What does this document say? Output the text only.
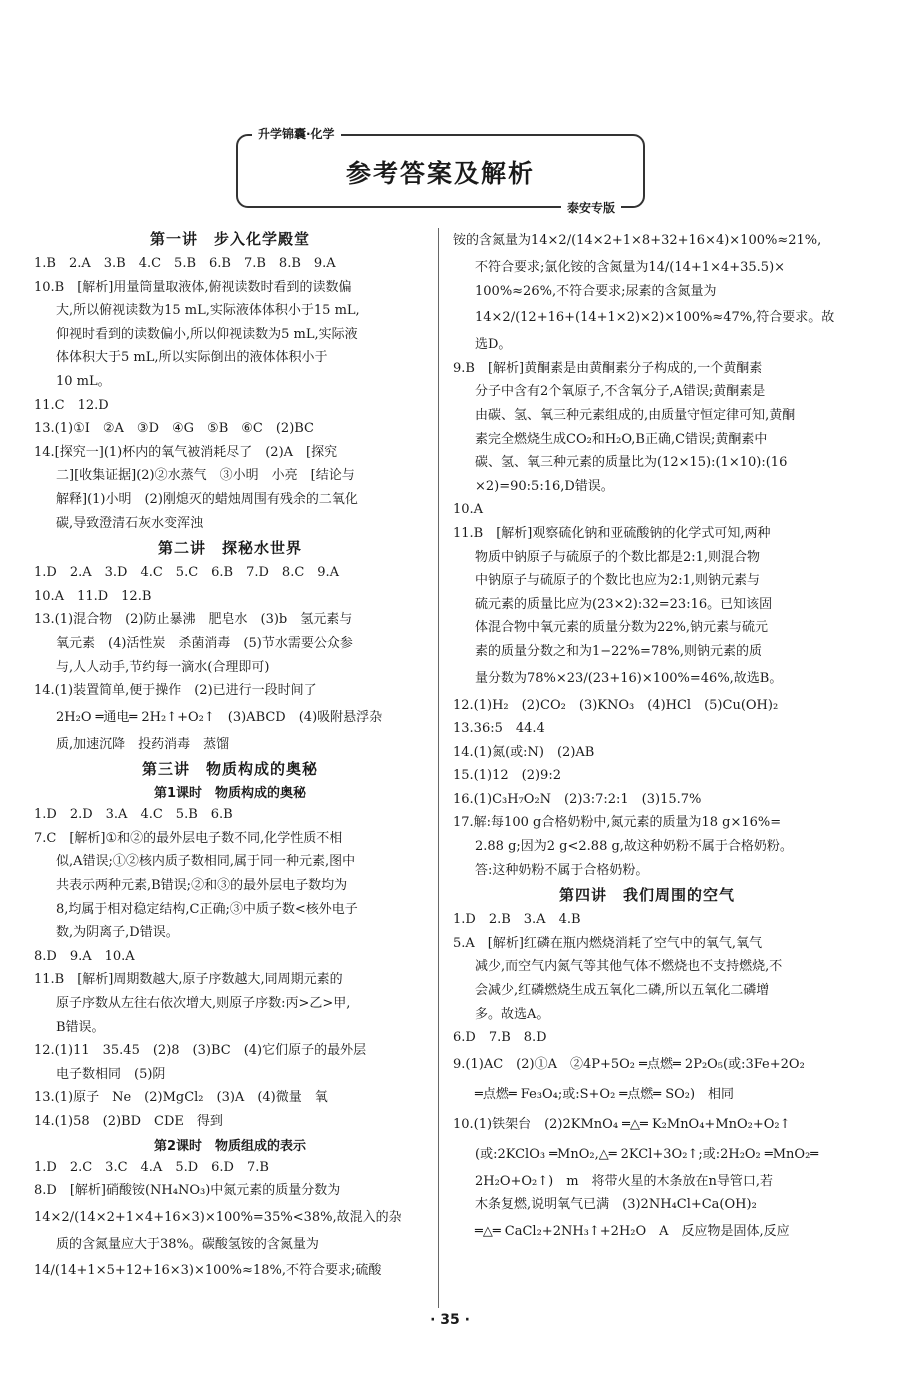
升学锦囊·化学
参考答案及解析
泰安专版
第一讲　步入化学殿堂
1.B　2.A　3.B　4.C　5.B　6.B　7.B　8.B　9.A
10.B　[解析]用量筒量取液体,俯视读数时看到的读数偏
大,所以俯视读数为15 mL,实际液体体积小于15 mL,
仰视时看到的读数偏小,所以仰视读数为5 mL,实际液
体体积大于5 mL,所以实际倒出的液体体积小于
10 mL。
11.C　12.D
13.(1)①I　②A　③D　④G　⑤B　⑥C　(2)BC
14.[探究一](1)杯内的氧气被消耗尽了　(2)A　[探究
二][收集证据](2)②水蒸气　③小明　小亮　[结论与
解释](1)小明　(2)刚熄灭的蜡烛周围有残余的二氧化
碳,导致澄清石灰水变浑浊
第二讲　探秘水世界
1.D　2.A　3.D　4.C　5.C　6.B　7.D　8.C　9.A
10.A　11.D　12.B
13.(1)混合物　(2)防止暴沸　肥皂水　(3)b　氢元素与
氧元素　(4)活性炭　杀菌消毒　(5)节水需要公众参
与,人人动手,节约每一滴水(合理即可)
14.(1)装置简单,便于操作　(2)已进行一段时间了
2H₂O ═通电═ 2H₂↑+O₂↑　(3)ABCD　(4)吸附悬浮杂
质,加速沉降　投药消毒　蒸馏
第三讲　物质构成的奥秘
第1课时　物质构成的奥秘
1.D　2.D　3.A　4.C　5.B　6.B
7.C　[解析]①和②的最外层电子数不同,化学性质不相
似,A错误;①②核内质子数相同,属于同一种元素,图中
共表示两种元素,B错误;②和③的最外层电子数均为
8,均属于相对稳定结构,C正确;③中质子数<核外电子
数,为阴离子,D错误。
8.D　9.A　10.A
11.B　[解析]周期数越大,原子序数越大,同周期元素的
原子序数从左往右依次增大,则原子序数:丙>乙>甲,
B错误。
12.(1)11　35.45　(2)8　(3)BC　(4)它们原子的最外层
电子数相同　(5)阴
13.(1)原子　Ne　(2)MgCl₂　(3)A　(4)微量　氧
14.(1)58　(2)BD　CDE　得到
第2课时　物质组成的表示
1.D　2.C　3.C　4.A　5.D　6.D　7.B
8.D　[解析]硝酸铵(NH₄NO₃)中氮元素的质量分数为
14×2/(14×2+1×4+16×3)×100%=35%<38%,故混入的杂
质的含氮量应大于38%。碳酸氢铵的含氮量为
14/(14+1×5+12+16×3)×100%≈18%,不符合要求;硫酸
铵的含氮量为14×2/(14×2+1×8+32+16×4)×100%≈21%,
不符合要求;氯化铵的含氮量为14/(14+1×4+35.5)×
100%≈26%,不符合要求;尿素的含氮量为
14×2/(12+16+(14+1×2)×2)×100%≈47%,符合要求。故
选D。
9.B　[解析]黄酮素是由黄酮素分子构成的,一个黄酮素
分子中含有2个氧原子,不含氧分子,A错误;黄酮素是
由碳、氢、氧三种元素组成的,由质量守恒定律可知,黄酮
素完全燃烧生成CO₂和H₂O,B正确,C错误;黄酮素中
碳、氢、氧三种元素的质量比为(12×15):(1×10):(16
×2)=90:5:16,D错误。
10.A
11.B　[解析]观察硫化钠和亚硫酸钠的化学式可知,两种
物质中钠原子与硫原子的个数比都是2:1,则混合物
中钠原子与硫原子的个数比也应为2:1,则钠元素与
硫元素的质量比应为(23×2):32=23:16。已知该固
体混合物中氧元素的质量分数为22%,钠元素与硫元
素的质量分数之和为1−22%=78%,则钠元素的质
量分数为78%×23/(23+16)×100%=46%,故选B。
12.(1)H₂　(2)CO₂　(3)KNO₃　(4)HCl　(5)Cu(OH)₂
13.36:5　44.4
14.(1)氮(或:N)　(2)AB
15.(1)12　(2)9:2
16.(1)C₃H₇O₂N　(2)3:7:2:1　(3)15.7%
17.解:每100 g合格奶粉中,氮元素的质量为18 g×16%=
2.88 g;因为2 g<2.88 g,故这种奶粉不属于合格奶粉。
答:这种奶粉不属于合格奶粉。
第四讲　我们周围的空气
1.D　2.B　3.A　4.B
5.A　[解析]红磷在瓶内燃烧消耗了空气中的氧气,氧气
减少,而空气内氮气等其他气体不燃烧也不支持燃烧,不
会减少,红磷燃烧生成五氧化二磷,所以五氧化二磷增
多。故选A。
6.D　7.B　8.D
9.(1)AC　(2)①A　②4P+5O₂ ═点燃═ 2P₂O₅(或:3Fe+2O₂
═点燃═ Fe₃O₄;或:S+O₂ ═点燃═ SO₂)　相同
10.(1)铁架台　(2)2KMnO₄ ═△═ K₂MnO₄+MnO₂+O₂↑
(或:2KClO₃ ═MnO₂,△═ 2KCl+3O₂↑;或:2H₂O₂ ═MnO₂═
2H₂O+O₂↑)　m　将带火星的木条放在n导管口,若
木条复燃,说明氧气已满　(3)2NH₄Cl+Ca(OH)₂
═△═ CaCl₂+2NH₃↑+2H₂O　A　反应物是固体,反应
· 35 ·
